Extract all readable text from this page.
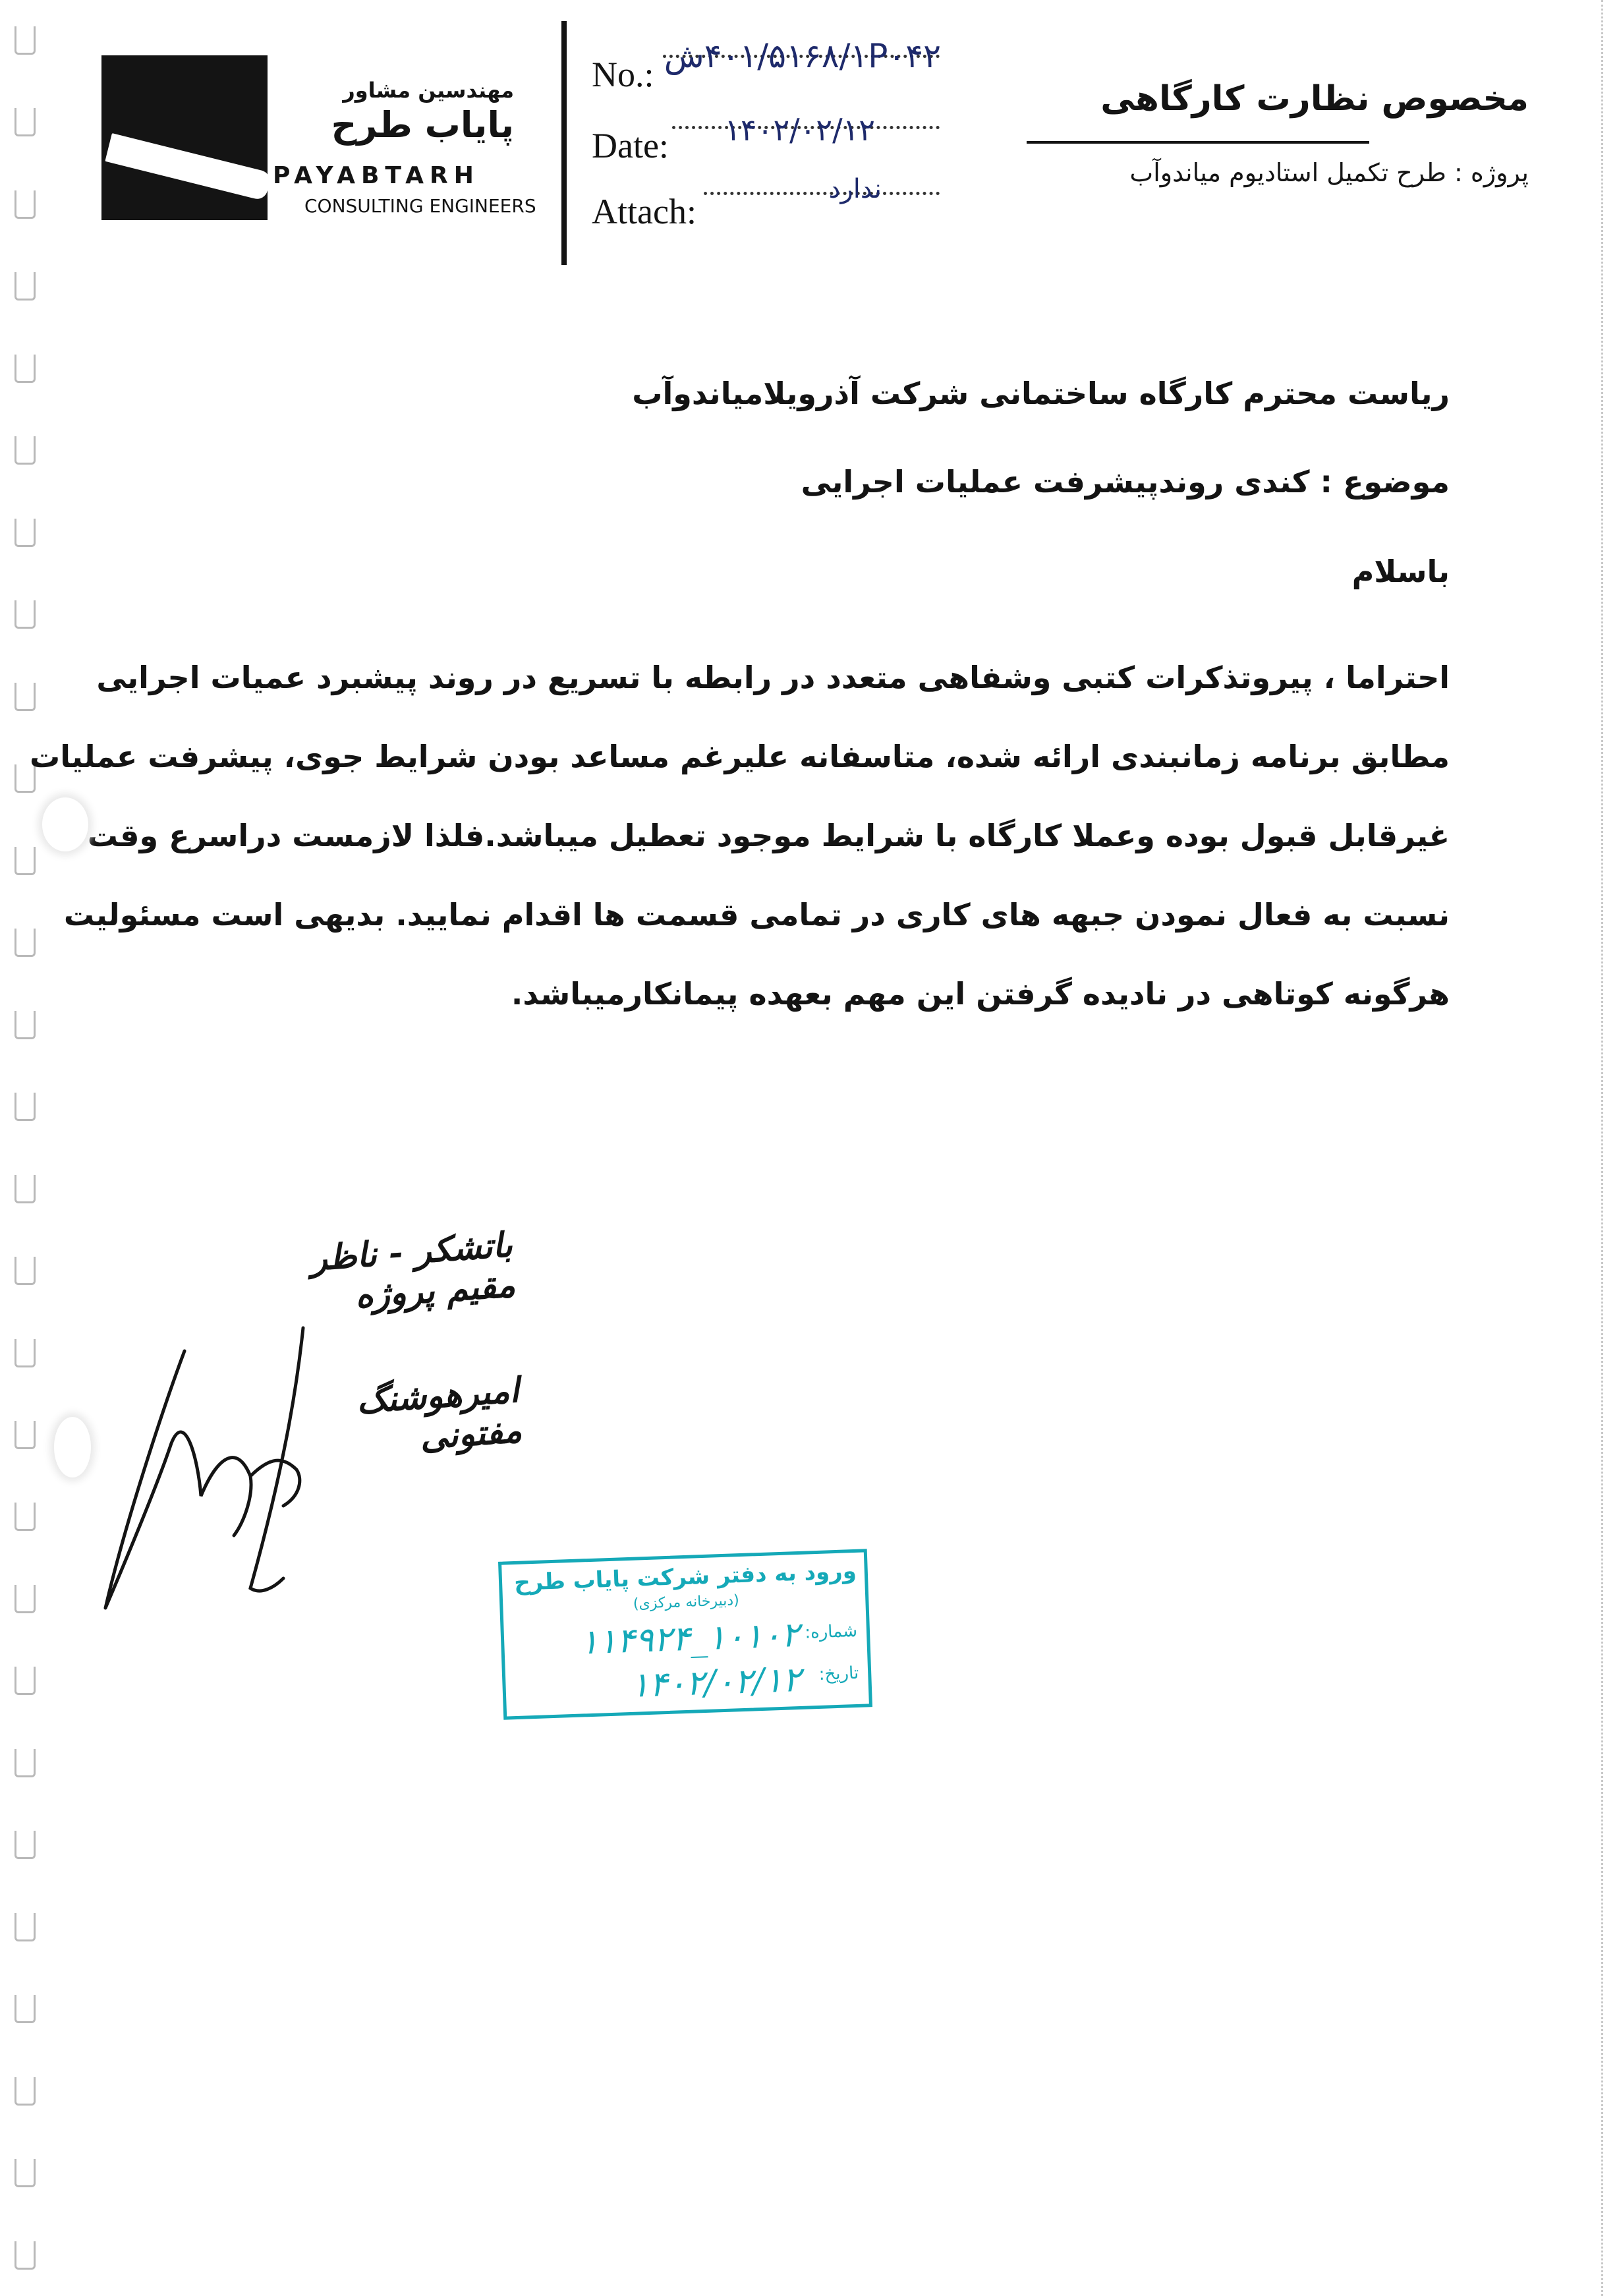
مهندسین مشاور
پایاب طرح
PAYABTARH
CONSULTING ENGINEERS
No.: ۴۰۱/۵۱۶۸/۱P۰۴۲ش
Date:	۱۴۰۲/۰۲/۱۲
Attach:
ندارد
مخصوص نظارت کارگاهی
پروژه : طرح تکمیل استادیوم میاندوآب
ریاست محترم کارگاه ساختمانی شرکت آذرویلامیاندوآب
موضوع : کندی روندپیشرفت عملیات اجرایی
باسلام
احتراما ، پیروتذکرات کتبی وشفاهی متعدد در رابطه با تسریع در روند پیشبرد عمیات اجرایی
مطابق برنامه زمانبندی ارائه شده، متاسفانه علیرغم مساعد بودن شرایط جوی، پیشرفت عملیات
غیرقابل قبول بوده وعملا کارگاه با شرایط موجود تعطیل میباشد.فلذا لازمست دراسرع وقت
نسبت به فعال نمودن جبهه های کاری در تمامی قسمت ها اقدام نمایید. بدیهی است مسئولیت
هرگونه کوتاهی در نادیده گرفتن این مهم بعهده پیمانکارمیباشد.
باتشکر - ناظر مقیم پروژه
امیرهوشنگ مفتونی
ورود به دفتر شرکت پایاب طرح
(دبیرخانه مرکزی)
شماره:
۱۰۱۰۲_۱۱۴۹۲۴
تاریخ:
۱۴۰۲/۰۲/۱۲
